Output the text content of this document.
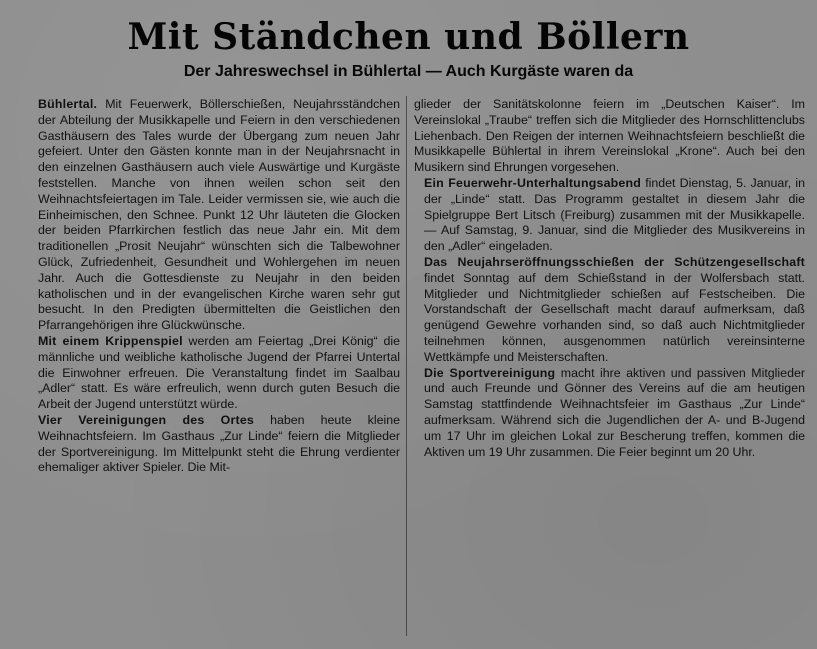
Mit Ständchen und Böllern
Der Jahreswechsel in Bühlertal — Auch Kurgäste waren da

Bühlertal. Mit Feuerwerk, Böllerschießen, Neujahrsständchen der Abteilung der Musikkapelle und Feiern in den verschiedenen Gasthäusern des Tales wurde der Übergang zum neuen Jahr gefeiert. Unter den Gästen konnte man in der Neujahrsnacht in den einzelnen Gasthäusern auch viele Auswärtige und Kurgäste feststellen. Manche von ihnen weilen schon seit den Weihnachtsfeiertagen im Tale. Leider vermissen sie, wie auch die Einheimischen, den Schnee. Punkt 12 Uhr läuteten die Glocken der beiden Pfarrkirchen festlich das neue Jahr ein. Mit dem traditionellen „Prosit Neujahr“ wünschten sich die Talbewohner Glück, Zufriedenheit, Gesundheit und Wohlergehen im neuen Jahr. Auch die Gottesdienste zu Neujahr in den beiden katholischen und in der evangelischen Kirche waren sehr gut besucht. In den Predigten übermittelten die Geistlichen den Pfarrangehörigen ihre Glückwünsche.

Mit einem Krippenspiel werden am Feiertag „Drei König“ die männliche und weibliche katholische Jugend der Pfarrei Untertal die Einwohner erfreuen. Die Veranstaltung findet im Saalbau „Adler“ statt. Es wäre erfreulich, wenn durch guten Besuch die Arbeit der Jugend unterstützt würde.

Vier Vereinigungen des Ortes haben heute kleine Weihnachtsfeiern. Im Gasthaus „Zur Linde“ feiern die Mitglieder der Sportvereinigung. Im Mittelpunkt steht die Ehrung verdienter ehemaliger aktiver Spieler. Die Mit-

glieder der Sanitätskolonne feiern im „Deutschen Kaiser“. Im Vereinslokal „Traube“ treffen sich die Mitglieder des Hornschlittenclubs Liehenbach. Den Reigen der internen Weihnachtsfeiern beschließt die Musikkapelle Bühlertal in ihrem Vereinslokal „Krone“. Auch bei den Musikern sind Ehrungen vorgesehen.

Ein Feuerwehr-Unterhaltungsabend findet Dienstag, 5. Januar, in der „Linde“ statt. Das Programm gestaltet in diesem Jahr die Spielgruppe Bert Litsch (Freiburg) zusammen mit der Musikkapelle. — Auf Samstag, 9. Januar, sind die Mitglieder des Musikvereins in den „Adler“ eingeladen.

Das Neujahrseröffnungsschießen der Schützengesellschaft findet Sonntag auf dem Schießstand in der Wolfersbach statt. Mitglieder und Nichtmitglieder schießen auf Festscheiben. Die Vorstandschaft der Gesellschaft macht darauf aufmerksam, daß genügend Gewehre vorhanden sind, so daß auch Nichtmitglieder teilnehmen können, ausgenommen natürlich vereinsinterne Wettkämpfe und Meisterschaften.

Die Sportvereinigung macht ihre aktiven und passiven Mitglieder und auch Freunde und Gönner des Vereins auf die am heutigen Samstag stattfindende Weihnachtsfeier im Gasthaus „Zur Linde“ aufmerksam. Während sich die Jugendlichen der A- und B-Jugend um 17 Uhr im gleichen Lokal zur Bescherung treffen, kommen die Aktiven um 19 Uhr zusammen. Die Feier beginnt um 20 Uhr.
